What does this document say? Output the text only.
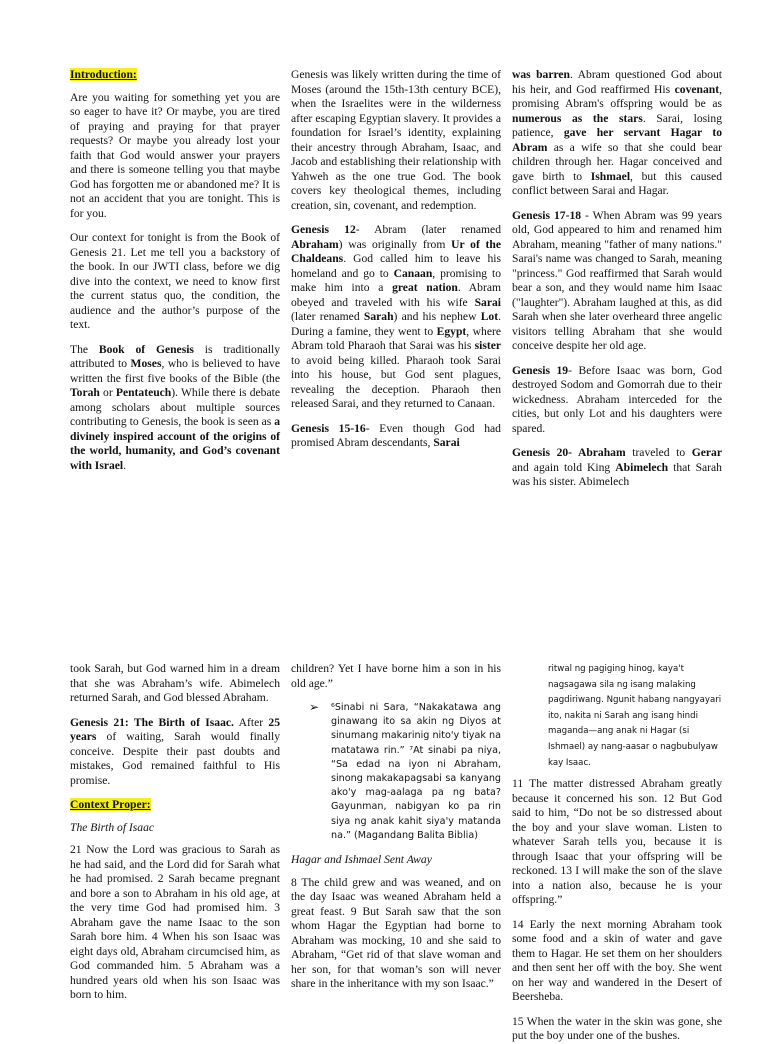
Introduction:

Are you waiting for something yet you are so eager to have it? Or maybe, you are tired of praying and praying for that prayer requests? Or maybe you already lost your faith that God would answer your prayers and there is someone telling you that maybe God has forgotten me or abandoned me? It is not an accident that you are tonight. This is for you.

Our context for tonight is from the Book of Genesis 21. Let me tell you a backstory of the book. In our JWTI class, before we dig dive into the context, we need to know first the current status quo, the condition, the audience and the author’s purpose of the text.

The Book of Genesis is traditionally attributed to Moses, who is believed to have written the first five books of the Bible (the Torah or Pentateuch). While there is debate among scholars about multiple sources contributing to Genesis, the book is seen as a divinely inspired account of the origins of the world, humanity, and God’s covenant with Israel.

Genesis was likely written during the time of Moses (around the 15th-13th century BCE), when the Israelites were in the wilderness after escaping Egyptian slavery. It provides a foundation for Israel’s identity, explaining their ancestry through Abraham, Isaac, and Jacob and establishing their relationship with Yahweh as the one true God. The book covers key theological themes, including creation, sin, covenant, and redemption.

Genesis 12- Abram (later renamed Abraham) was originally from Ur of the Chaldeans. God called him to leave his homeland and go to Canaan, promising to make him into a great nation. Abram obeyed and traveled with his wife Sarai (later renamed Sarah) and his nephew Lot. During a famine, they went to Egypt, where Abram told Pharaoh that Sarai was his sister to avoid being killed. Pharaoh took Sarai into his house, but God sent plagues, revealing the deception. Pharaoh then released Sarai, and they returned to Canaan.

Genesis 15-16- Even though God had promised Abram descendants, Sarai

was barren. Abram questioned God about his heir, and God reaffirmed His covenant, promising Abram's offspring would be as numerous as the stars. Sarai, losing patience, gave her servant Hagar to Abram as a wife so that she could bear children through her. Hagar conceived and gave birth to Ishmael, but this caused conflict between Sarai and Hagar.

Genesis 17-18 - When Abram was 99 years old, God appeared to him and renamed him Abraham, meaning "father of many nations." Sarai's name was changed to Sarah, meaning "princess." God reaffirmed that Sarah would bear a son, and they would name him Isaac ("laughter"). Abraham laughed at this, as did Sarah when she later overheard three angelic visitors telling Abraham that she would conceive despite her old age.

Genesis 19- Before Isaac was born, God destroyed Sodom and Gomorrah due to their wickedness. Abraham interceded for the cities, but only Lot and his daughters were spared.

Genesis 20- Abraham traveled to Gerar and again told King Abimelech that Sarah was his sister. Abimelech

took Sarah, but God warned him in a dream that she was Abraham’s wife. Abimelech returned Sarah, and God blessed Abraham.

Genesis 21: The Birth of Isaac. After 25 years of waiting, Sarah would finally conceive. Despite their past doubts and mistakes, God remained faithful to His promise.

Context Proper:

The Birth of Isaac

21 Now the Lord was gracious to Sarah as he had said, and the Lord did for Sarah what he had promised. 2 Sarah became pregnant and bore a son to Abraham in his old age, at the very time God had promised him. 3 Abraham gave the name Isaac to the son Sarah bore him. 4 When his son Isaac was eight days old, Abraham circumcised him, as God commanded him. 5 Abraham was a hundred years old when his son Isaac was born to him.

children? Yet I have borne him a son in his old age.”

➢ ⁶Sinabi ni Sara, “Nakakatawa ang ginawang ito sa akin ng Diyos at sinumang makarinig nito'y tiyak na matatawa rin.” ⁷At sinabi pa niya, “Sa edad na iyon ni Abraham, sinong makakapagsabi sa kanyang ako'y mag-aalaga pa ng bata? Gayunman, nabigyan ko pa rin siya ng anak kahit siya'y matanda na.” (Magandang Balita Biblia)

Hagar and Ishmael Sent Away

8 The child grew and was weaned, and on the day Isaac was weaned Abraham held a great feast. 9 But Sarah saw that the son whom Hagar the Egyptian had borne to Abraham was mocking, 10 and she said to Abraham, “Get rid of that slave woman and her son, for that woman’s son will never share in the inheritance with my son Isaac.”

ritwal ng pagiging hinog, kaya't nagsagawa sila ng isang malaking pagdiriwang. Ngunit habang nangyayari ito, nakita ni Sarah ang isang hindi maganda—ang anak ni Hagar (si Ishmael) ay nang-aasar o nagbubulyaw kay Isaac.

11 The matter distressed Abraham greatly because it concerned his son. 12 But God said to him, “Do not be so distressed about the boy and your slave woman. Listen to whatever Sarah tells you, because it is through Isaac that your offspring will be reckoned. 13 I will make the son of the slave into a nation also, because he is your offspring.”

14 Early the next morning Abraham took some food and a skin of water and gave them to Hagar. He set them on her shoulders and then sent her off with the boy. She went on her way and wandered in the Desert of Beersheba.

15 When the water in the skin was gone, she put the boy under one of the bushes.
